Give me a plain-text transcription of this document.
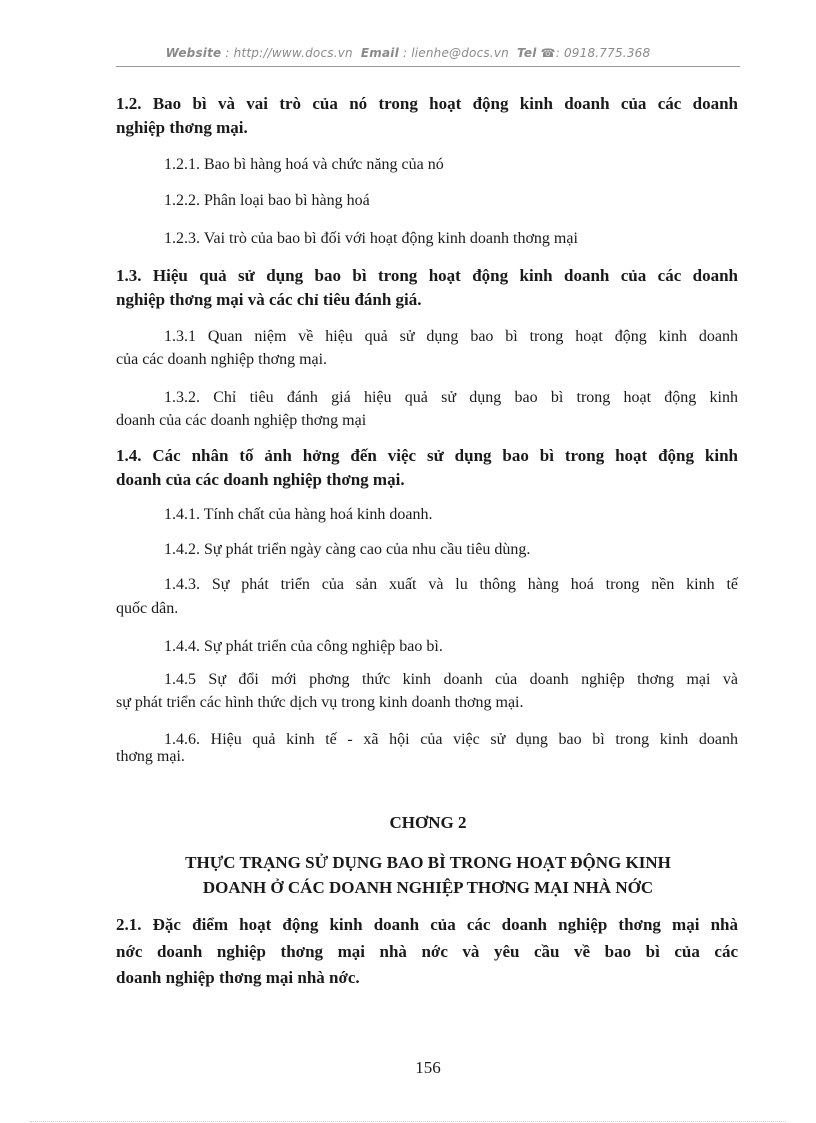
Website : http://www.docs.vn Email : lienhe@docs.vn Tel ☎: 0918.775.368
1.2. Bao bì và vai trò của nó trong hoạt động kinh doanh của các doanh
nghiệp thơng mại.
1.2.1. Bao bì hàng hoá và chức năng của nó
1.2.2. Phân loại bao bì hàng hoá
1.2.3. Vai trò của bao bì đối với hoạt động kinh doanh thơng mại
1.3. Hiệu quả sử dụng bao bì trong hoạt động kinh doanh của các doanh
nghiệp thơng mại và các chỉ tiêu đánh giá.
1.3.1 Quan niệm về hiệu quả sử dụng bao bì trong hoạt động kinh doanh
của các doanh nghiệp thơng mại.
1.3.2. Chỉ tiêu đánh giá hiệu quả sử dụng bao bì trong hoạt động kinh
doanh của các doanh nghiệp thơng mại
1.4. Các nhân tố ảnh hởng đến việc sử dụng bao bì trong hoạt động kinh
doanh của các doanh nghiệp thơng mại.
1.4.1. Tính chất của hàng hoá kinh doanh.
1.4.2. Sự phát triển ngày càng cao của nhu cầu tiêu dùng.
1.4.3. Sự phát triển của sản xuất và lu thông hàng hoá trong nền kinh tế
quốc dân.
1.4.4. Sự phát triển của công nghiệp bao bì.
1.4.5 Sự đổi mới phơng thức kinh doanh của doanh nghiệp thơng mại và
sự phát triển các hình thức dịch vụ trong kinh doanh thơng mại.
1.4.6. Hiệu quả kinh tế - xã hội của việc sử dụng bao bì trong kinh doanh
thơng mại.
CHƠNG 2
THỰC TRẠNG SỬ DỤNG BAO BÌ TRONG HOẠT ĐỘNG KINH
DOANH Ở CÁC DOANH NGHIỆP THƠNG MẠI NHÀ NỚC
2.1. Đặc điểm hoạt động kinh doanh của các doanh nghiệp thơng mại nhà
nớc doanh nghiệp thơng mại nhà nớc và yêu cầu về bao bì của các
doanh nghiệp thơng mại nhà nớc.
156
